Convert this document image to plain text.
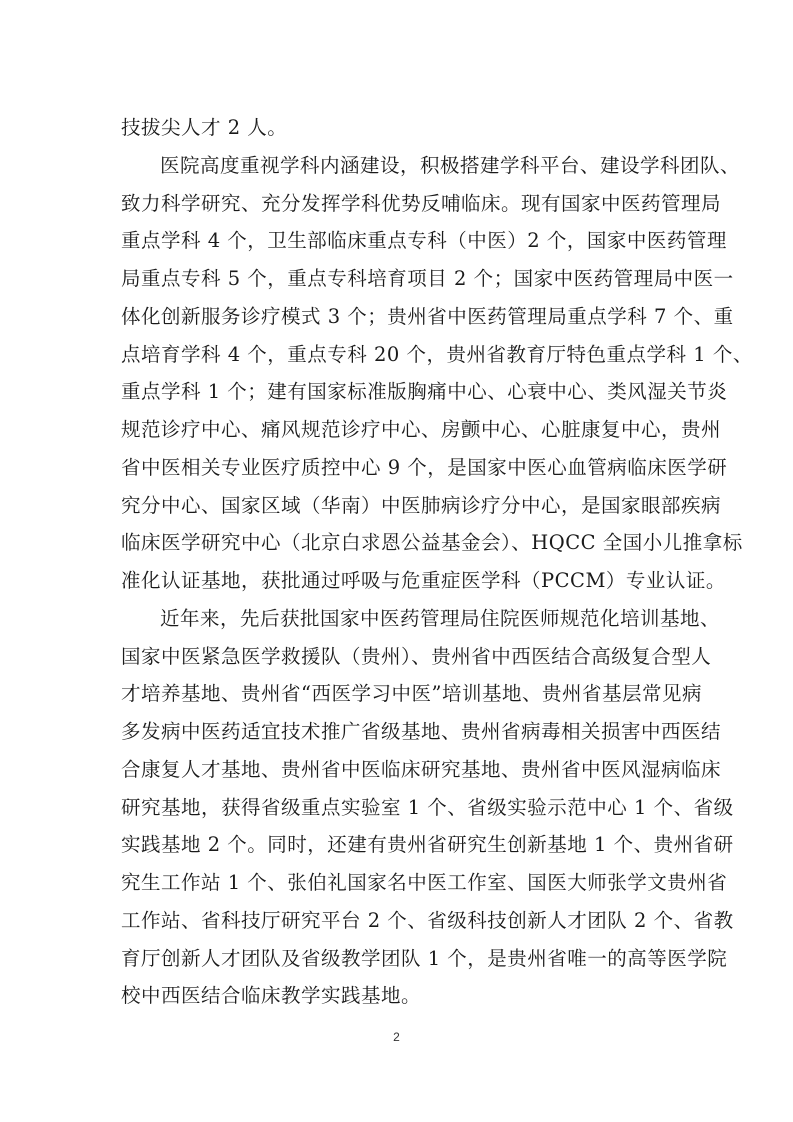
技拔尖人才 2 人。
医院高度重视学科内涵建设，积极搭建学科平台、建设学科团队、
致力科学研究、充分发挥学科优势反哺临床。现有国家中医药管理局
重点学科 4 个，卫生部临床重点专科（中医）2 个，国家中医药管理
局重点专科 5 个，重点专科培育项目 2 个；国家中医药管理局中医一
体化创新服务诊疗模式 3 个；贵州省中医药管理局重点学科 7 个、重
点培育学科 4 个，重点专科 20 个，贵州省教育厅特色重点学科 1 个、
重点学科 1 个；建有国家标准版胸痛中心、心衰中心、类风湿关节炎
规范诊疗中心、痛风规范诊疗中心、房颤中心、心脏康复中心，贵州
省中医相关专业医疗质控中心 9 个，是国家中医心血管病临床医学研
究分中心、国家区域（华南）中医肺病诊疗分中心，是国家眼部疾病
临床医学研究中心（北京白求恩公益基金会）、HQCC 全国小儿推拿标
准化认证基地，获批通过呼吸与危重症医学科（PCCM）专业认证。
近年来，先后获批国家中医药管理局住院医师规范化培训基地、
国家中医紧急医学救援队（贵州）、贵州省中西医结合高级复合型人
才培养基地、贵州省“西医学习中医”培训基地、贵州省基层常见病
多发病中医药适宜技术推广省级基地、贵州省病毒相关损害中西医结
合康复人才基地、贵州省中医临床研究基地、贵州省中医风湿病临床
研究基地，获得省级重点实验室 1 个、省级实验示范中心 1 个、省级
实践基地 2 个。同时，还建有贵州省研究生创新基地 1 个、贵州省研
究生工作站 1 个、张伯礼国家名中医工作室、国医大师张学文贵州省
工作站、省科技厅研究平台 2 个、省级科技创新人才团队 2 个、省教
育厅创新人才团队及省级教学团队 1 个，是贵州省唯一的高等医学院
校中西医结合临床教学实践基地。
2
